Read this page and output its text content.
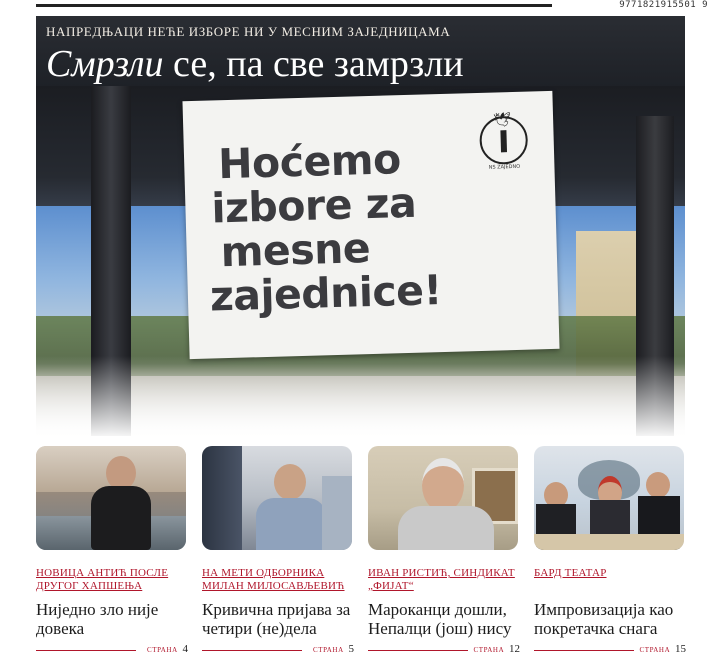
9771821915501 9
Hoćemo
izbore za
mesne
zajednice!
🕊
NS ZAJEDNO
НАПРЕДЊАЦИ НЕЋЕ ИЗБОРЕ НИ У МЕСНИМ ЗАЈЕДНИЦАМА
Смрзли се, па све замрзли
НОВИЦА АНТИЋ ПОСЛЕ ДРУГОГ ХАПШЕЊА
Ниједно зло није довека
СТРАНА 4
НА МЕТИ ОДБОРНИКА МИЛАН МИЛОСАВЉЕВИЋ
Кривична пријава за четири (не)дела
СТРАНА 5
ИВАН РИСТИЋ, СИНДИКАТ „ФИЈАТ“
Мароканци дошли, Непалци (још) нису
СТРАНА 12
БАРД ТЕАТАР
Импровизација као покретачка снага
СТРАНА 15
